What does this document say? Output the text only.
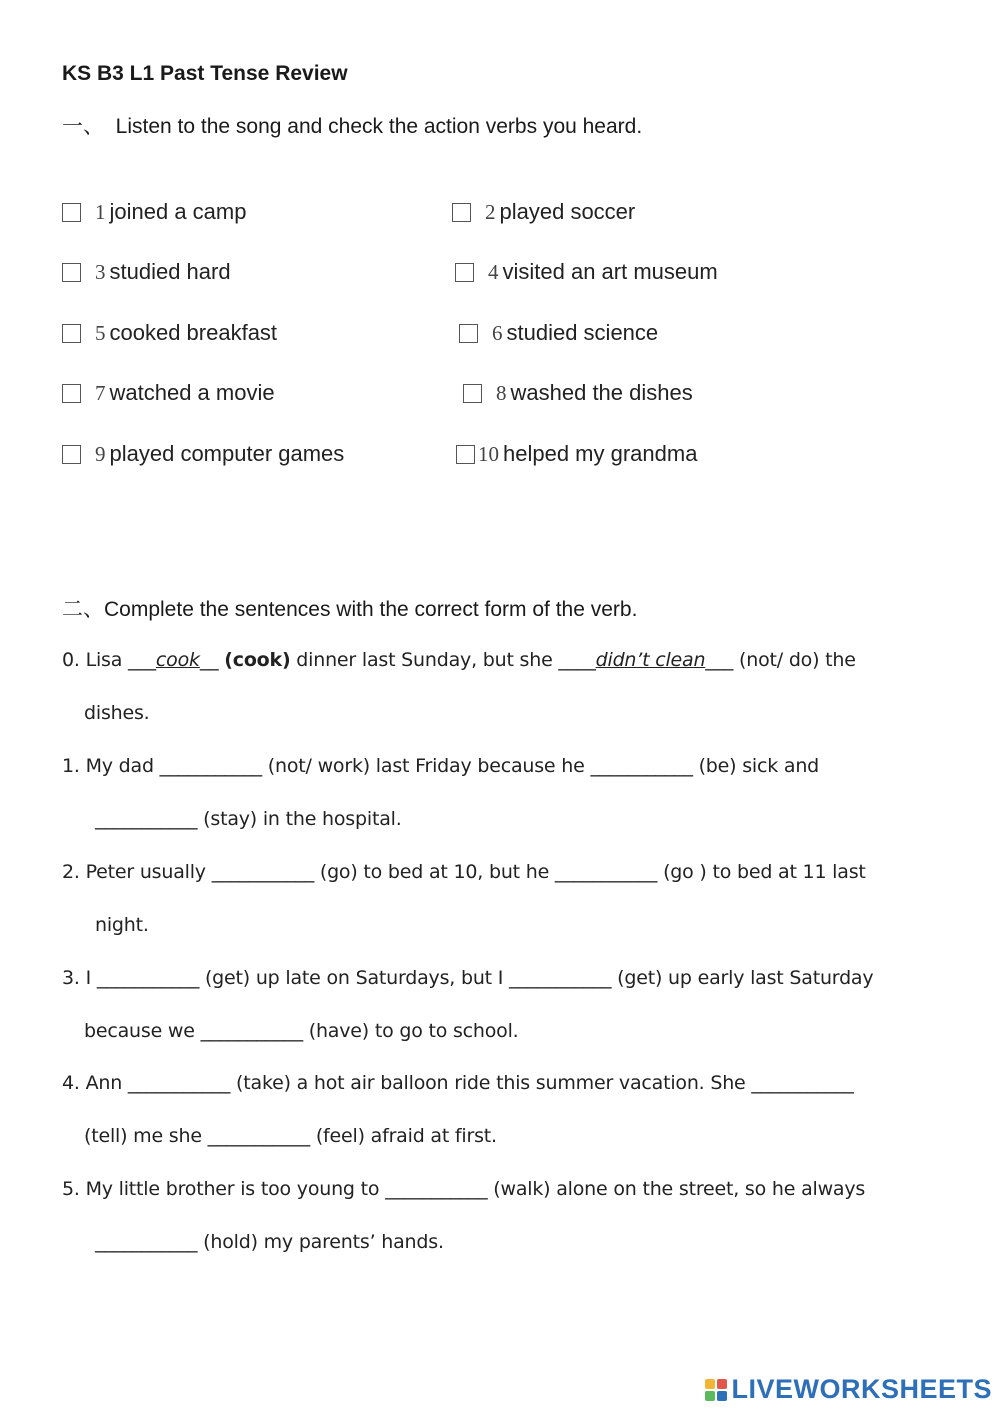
KS B3 L1 Past Tense Review
一、  Listen to the song and check the action verbs you heard.
1 joined a camp	2 played soccer
3 studied hard	4 visited an art museum
5 cooked breakfast	6 studied science
7 watched a movie	8 washed the dishes
9 played computer games	10 helped my grandma
二、Complete the sentences with the correct form of the verb.
0. Lisa ___cook__ (cook) dinner last Sunday, but she ____didn’t clean___ (not/ do) the
dishes.
1. My dad ___________ (not/ work) last Friday because he ___________ (be) sick and
___________ (stay) in the hospital.
2. Peter usually ___________ (go) to bed at 10, but he ___________ (go ) to bed at 11 last
night.
3. I ___________ (get) up late on Saturdays, but I ___________ (get) up early last Saturday
because we ___________ (have) to go to school.
4. Ann ___________ (take) a hot air balloon ride this summer vacation. She ___________
(tell) me she ___________ (feel) afraid at first.
5. My little brother is too young to ___________ (walk) alone on the street, so he always
___________ (hold) my parents’ hands.
LIVEWORKSHEETS
